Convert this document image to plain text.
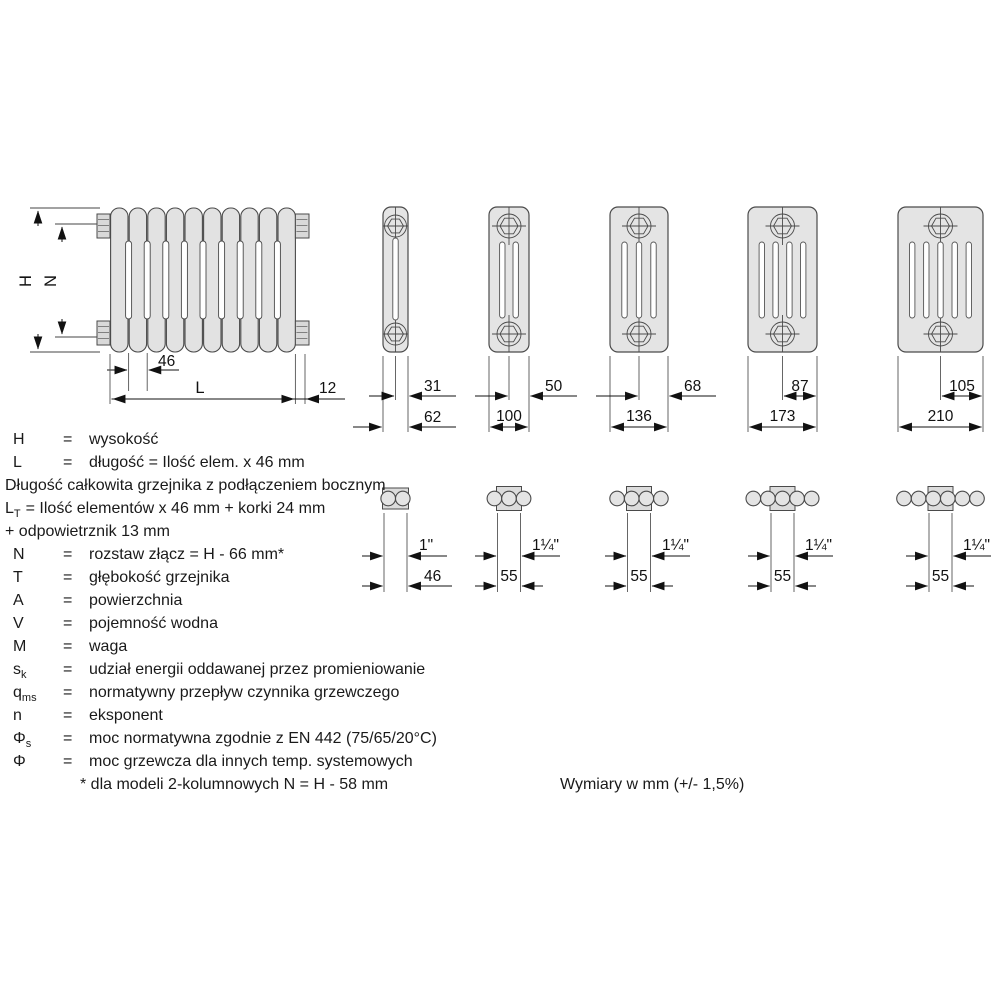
H N
46
L	12	31
62
50
100
68
136
87
173
105
210
1"
46
1¼"
55
1¼"
55
1¼"
55
1¼"
55
H = wysokość
L	= długość = Ilość elem. x 46 mm
Długość całkowita grzejnika z podłączeniem bocznym
$L_T$ = Ilość elementów x 46 mm + korki 24 mm
+ odpowietrznik 13 mm
N = rozstaw złącz = H - 66 mm*
T	= głębokość grzejnika
A = powierzchnia
V = pojemność wodna
M = waga
$s_k$ = udział energii oddawanej przez promieniowanie
$q_{ms}$ = normatywny przepływ czynnika grzewczego
n	= eksponent
$\Phi_s$ = moc normatywna zgodnie z EN 442 (75/65/20°C)
Φ = moc grzewcza dla innych temp. systemowych
* dla modeli 2-kolumnowych N = H - 58 mm	Wymiary w mm (+/- 1,5%)
